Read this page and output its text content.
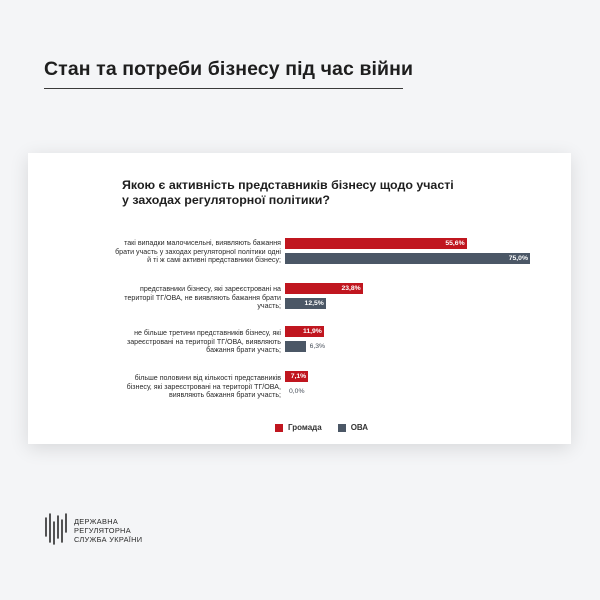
Стан та потреби бізнесу під час війни
Якою є активність представників бізнесу щодо участі у заходах регуляторної політики?
такі випадки малочисельні, виявляють бажання брати участь у заходах регуляторної політики одні й ті ж самі активні представники бізнесу;
55,6%
75,0%
представники бізнесу, які зареєстровані на території ТГ/ОВА, не виявляють бажання брати участь;
23,8%
12,5%
не більше третини представників бізнесу, які зареєстровані на території ТГ/ОВА, виявляють бажання брати участь;
11,9%
6,3%
більше половини від кількості представників бізнесу, які зареєстровані на території ТГ/ОВА, виявляють бажання брати участь;
7,1%
0,0%
Громада	ОВА
ДЕРЖАВНА
РЕГУЛЯТОРНА
СЛУЖБА УКРАЇНИ
